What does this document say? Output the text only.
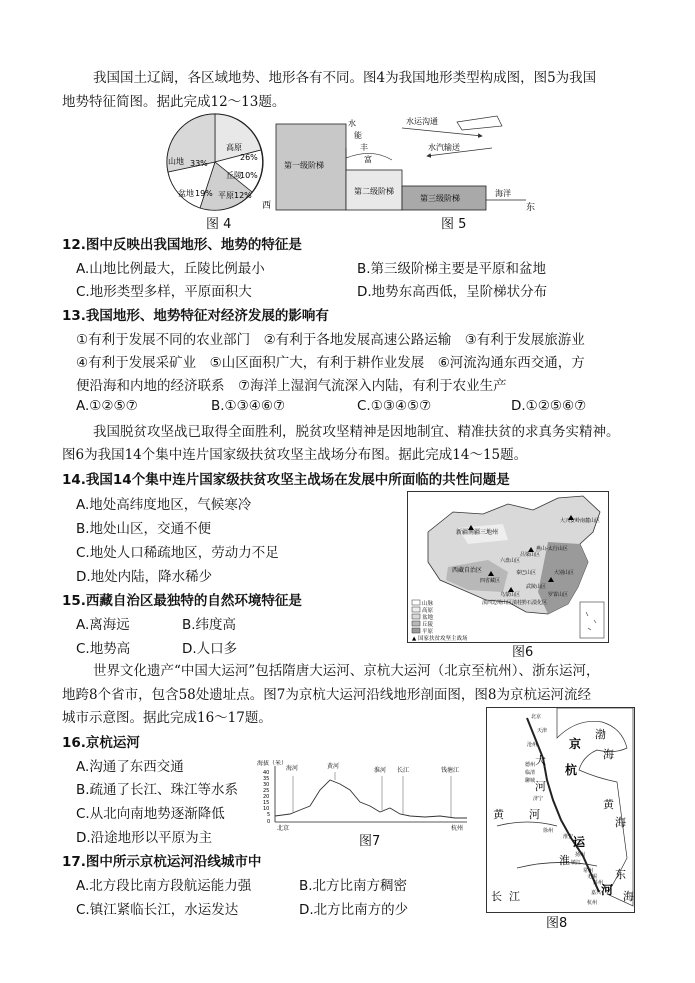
我国国土辽阔，各区域地势、地形各有不同。图4为我国地形类型构成图，图5为我国
地势特征简图。据此完成12～13题。
高原
26%
山地 33%
丘陵
10%
盆地 19% 平原 12%
图 4
西	东
海洋
第一级阶梯
第二级阶梯
第三级阶梯
水
能
丰
富
水运沟通
水汽输送
图 5
12.图中反映出我国地形、地势的特征是
A.山地比例最大，丘陵比例最小	B.第三级阶梯主要是平原和盆地
C.地形类型多样，平原面积大	D.地势东高西低，呈阶梯状分布
13.我国地形、地势特征对经济发展的影响有
①有利于发展不同的农业部门　②有利于各地发展高速公路运输　③有利于发展旅游业
④有利于发展采矿业　⑤山区面积广大，有利于耕作业发展　⑥河流沟通东西交通，方
便沿海和内地的经济联系　⑦海洋上湿润气流深入内陆，有利于农业生产
A.①②⑤⑦	B.①③④⑥⑦	C.①③④⑤⑦	D.①②⑤⑥⑦
我国脱贫攻坚战已取得全面胜利，脱贫攻坚精神是因地制宜、精准扶贫的求真务实精神。
图6为我国14个集中连片国家级扶贫攻坚主战场分布图。据此完成14～15题。
14.我国14个集中连片国家级扶贫攻坚主战场在发展中所面临的共性问题是
A.地处高纬度地区，气候寒冷
B.地处山区，交通不便
C.地处人口稀疏地区，劳动力不足
D.地处内陆，降水稀少
新疆南疆三地州
西藏自治区
大兴安岭南麓山区
燕山-太行山区
吕梁山区
六盘山区
秦巴山区
武陵山区
乌蒙山区
滇桂黔石漠化区
滇西边境山区
大别山区
罗霄山区
四省藏区
山脉
高原
盆地
丘陵
平原
▲ 国家扶贫攻坚主战场
图6
15.西藏自治区最独特的自然环境特征是
A.离海远	B.纬度高
C.地势高	D.人口多
世界文化遗产“中国大运河”包括隋唐大运河、京杭大运河（北京至杭州）、浙东运河，
地跨8个省市，包含58处遗址点。图7为京杭大运河沿线地形剖面图，图8为京杭运河流经
城市示意图。据此完成16～17题。
16.京杭运河
A.沟通了东西交通
B.疏通了长江、珠江等水系
C.从北向南地势逐渐降低
D.沿途地形以平原为主
40
35
30
25
20
15
10
5
0
海拔（米）
海河	黄河
淮河 长江	钱塘江
北京	杭州
图7
京
杭
运
河
渤
海
黄
海
黄 河
淮
长 江
东
海
大
河
北京
天津
沧州
德州
临清
聊城
济宁
徐州
淮安
扬州
镇江
常州
无锡
苏州
嘉兴
杭州
图8
17.图中所示京杭运河沿线城市中
A.北方段比南方段航运能力强	B.北方比南方稠密
C.镇江紧临长江，水运发达	D.北方比南方的少
